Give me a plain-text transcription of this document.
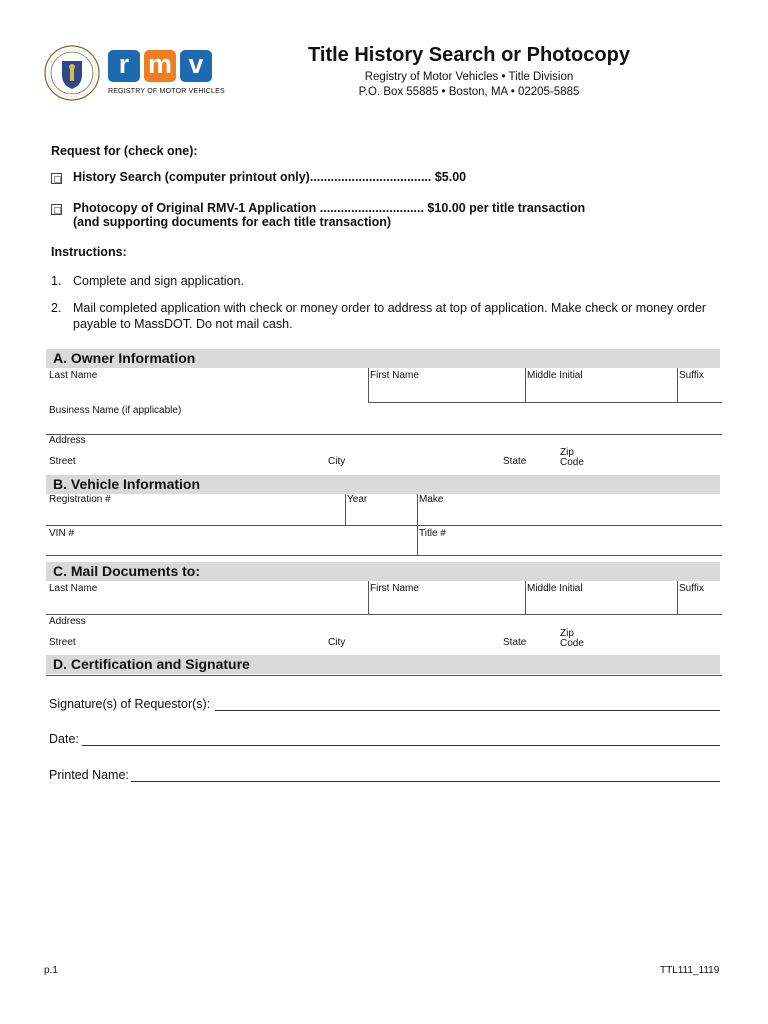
r m v
REGISTRY OF MOTOR VEHICLES
Title History Search or Photocopy
Registry of Motor Vehicles • Title Division
P.O. Box 55885 • Boston, MA • 02205-5885
Request for (check one):
History Search (computer printout only)................................... $5.00
Photocopy of Original RMV-1 Application .............................. $10.00 per title transaction
(and supporting documents for each title transaction)
Instructions:
1. Complete and sign application.
2. Mail completed application with check or money order to address at top of application. Make check or money order
payable to MassDOT. Do not mail cash.
A. Owner Information
Last Name	First Name	Middle Initial	Suffix
Business Name (if applicable)
Address
Street	City	State
Zip
Code
B. Vehicle Information
Registration #	Year	Make
VIN #	Title #
C. Mail Documents to:
Last Name	First Name	Middle Initial	Suffix
Address
Street	City	State
Zip
Code
D. Certification and Signature
Signature(s) of Requestor(s):
Date:
Printed Name:
p.1	TTL111_1119
